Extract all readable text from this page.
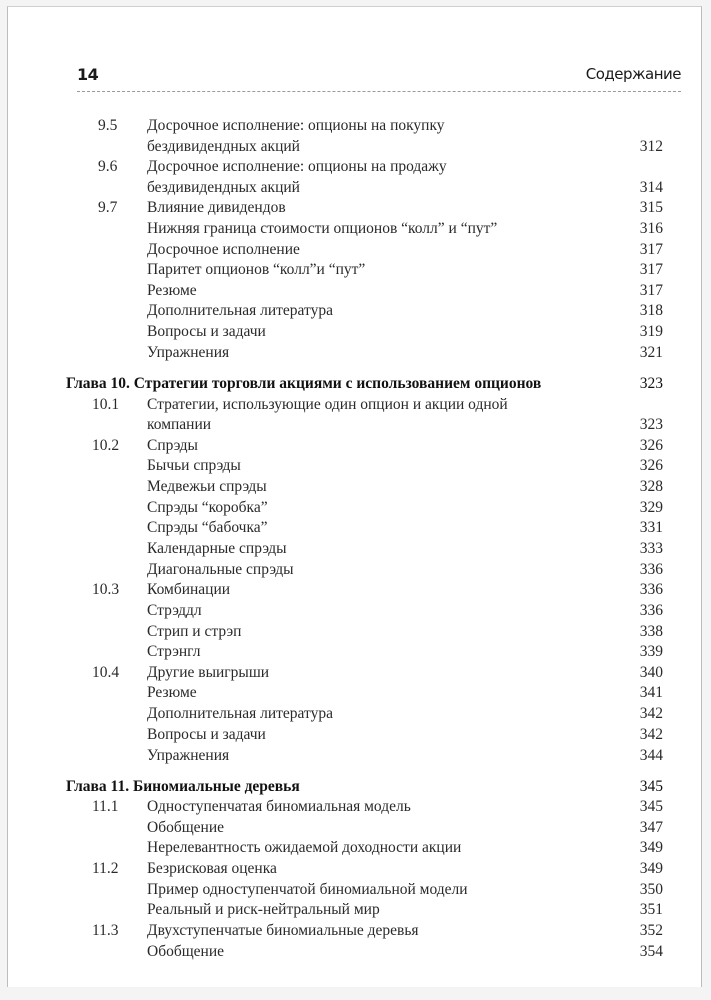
14	Содержание
9.5 Досрочное исполнение: опционы на покупку
бездивидендных акций	312
9.6 Досрочное исполнение: опционы на продажу
бездивидендных акций	314
9.7 Влияние дивидендов	315
Нижняя граница стоимости опционов “колл” и “пут”	316
Досрочное исполнение	317
Паритет опционов “колл”и “пут”	317
Резюме	317
Дополнительная литература	318
Вопросы и задачи	319
Упражнения	321
Глава 10. Стратегии торговли акциями с использованием опционов	323
10.1 Стратегии, использующие один опцион и акции одной
компании	323
10.2 Спрэды	326
Бычьи спрэды	326
Медвежьи спрэды	328
Спрэды “коробка”	329
Спрэды “бабочка”	331
Календарные спрэды	333
Диагональные спрэды	336
10.3 Комбинации	336
Стрэддл	336
Стрип и стрэп	338
Стрэнгл	339
10.4 Другие выигрыши	340
Резюме	341
Дополнительная литература	342
Вопросы и задачи	342
Упражнения	344
Глава 11. Биномиальные деревья	345
11.1 Одноступенчатая биномиальная модель	345
Обобщение	347
Нерелевантность ожидаемой доходности акции	349
11.2 Безрисковая оценка	349
Пример одноступенчатой биномиальной модели	350
Реальный и риск-нейтральный мир	351
11.3 Двухступенчатые биномиальные деревья	352
Обобщение	354
